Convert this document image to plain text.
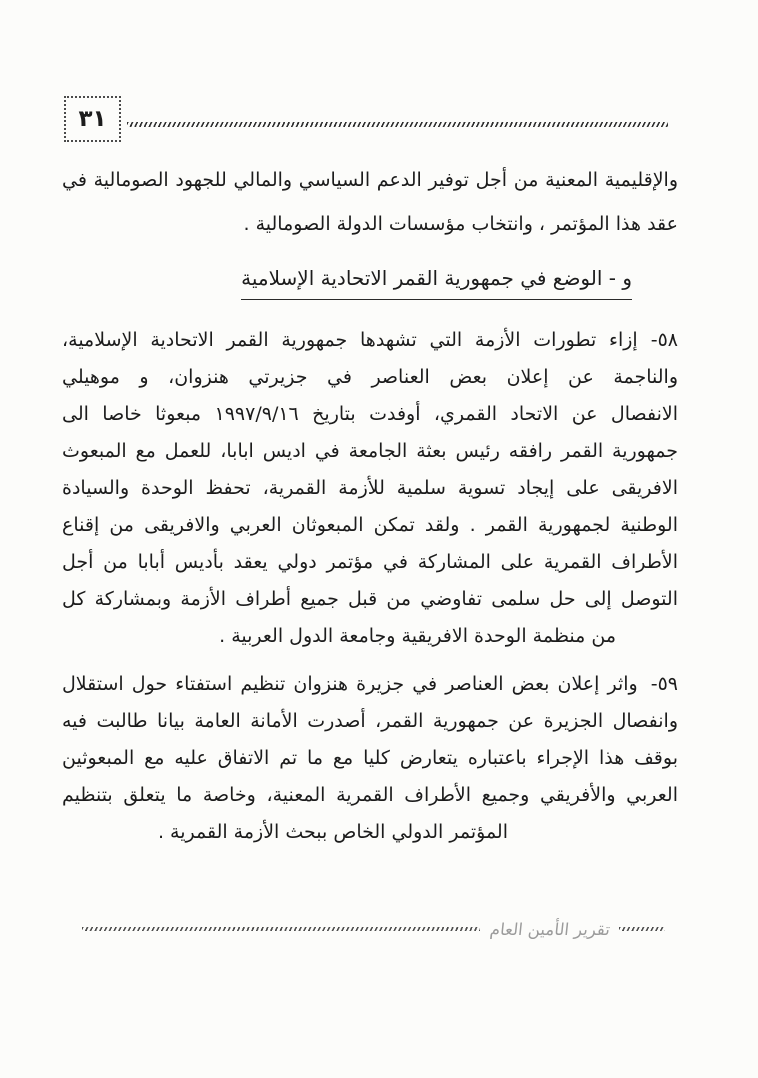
٣١
والإقليمية المعنية من أجل توفير الدعم السياسي والمالي للجهود الصومالية في
عقد هذا المؤتمر ، وانتخاب مؤسسات الدولة الصومالية .
و - الوضع في جمهورية القمر الاتحادية الإسلامية
٥٨-
إزاء تطورات الأزمة التي تشهدها جمهورية القمر الاتحادية الإسلامية،
والناجمة عن إعلان بعض العناصر في جزيرتي هنزوان، و موهيلي
الانفصال عن الاتحاد القمري، أوفدت بتاريخ ١٩٩٧/٩/١٦ مبعوثا خاصا الى
جمهورية القمر رافقه رئيس بعثة الجامعة في اديس ابابا، للعمل مع المبعوث
الافريقى على إيجاد تسوية سلمية للأزمة القمرية، تحفظ الوحدة والسيادة
الوطنية لجمهورية القمر . ولقد تمكن المبعوثان العربي والافريقى من إقناع
الأطراف القمرية على المشاركة في مؤتمر دولي يعقد بأديس أبابا من أجل
التوصل إلى حل سلمى تفاوضي من قبل جميع أطراف الأزمة وبمشاركة كل
من منظمة الوحدة الافريقية وجامعة الدول العربية .
٥٩-
واثر إعلان بعض العناصر في جزيرة هنزوان تنظيم استفتاء حول استقلال
وانفصال الجزيرة عن جمهورية القمر، أصدرت الأمانة العامة بيانا طالبت فيه
بوقف هذا الإجراء باعتباره يتعارض كليا مع ما تم الاتفاق عليه مع المبعوثين
العربي والأفريقي وجميع الأطراف القمرية المعنية، وخاصة ما يتعلق بتنظيم
المؤتمر الدولي الخاص ببحث الأزمة القمرية .
تقرير الأمين العام
